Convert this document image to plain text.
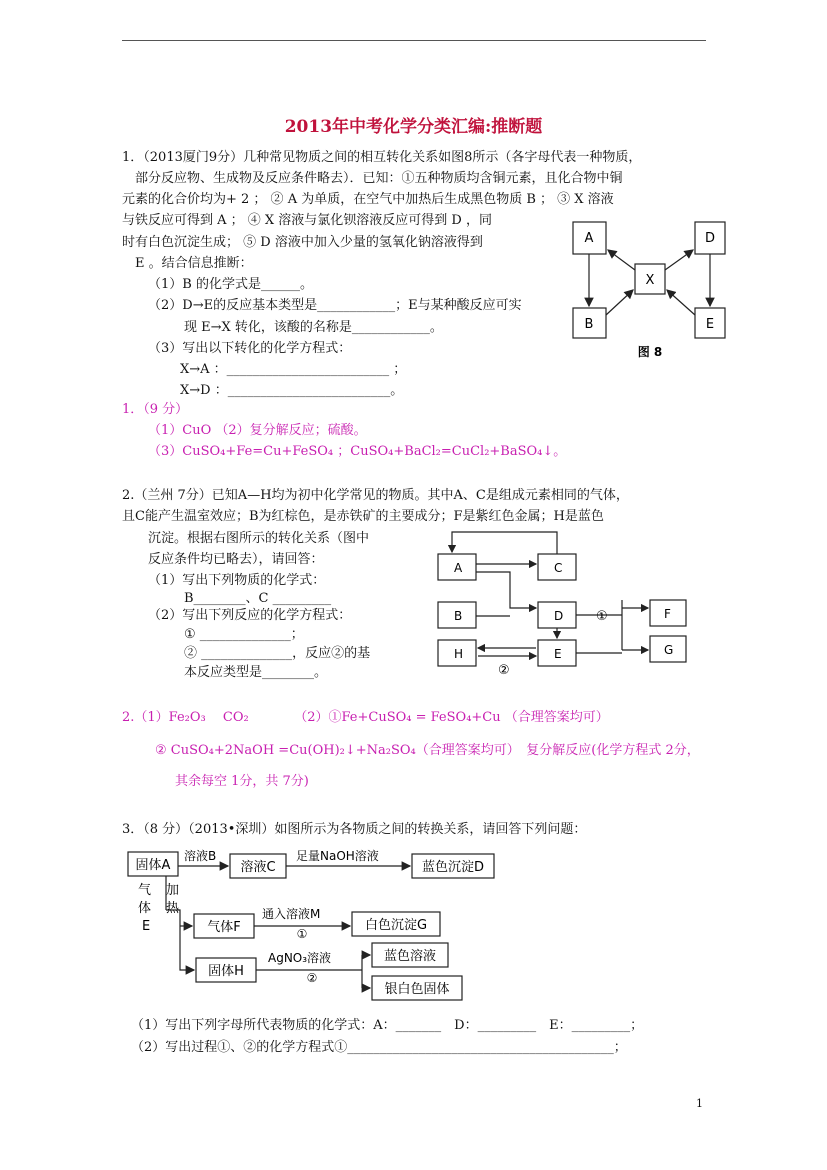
2013年中考化学分类汇编:推断题
1．（2013厦门9分）几种常见物质之间的相互转化关系如图8所示（各字母代表一种物质，
部分反应物、生成物及反应条件略去）．已知：①五种物质均含铜元素，且化合物中铜
元素的化合价均为+ 2 ； ② A 为单质，在空气中加热后生成黑色物质 B ； ③ X 溶液
与铁反应可得到 A ； ④ X 溶液与氯化钡溶液反应可得到 D ，同
时有白色沉淀生成； ⑤ D 溶液中加入少量的氢氧化钠溶液得到
E 。结合信息推断：
（1）B 的化学式是______。
（2）D→E的反应基本类型是____________；E与某种酸反应可实
现 E→X 转化，该酸的名称是____________。
（3）写出以下转化的化学方程式：
X→A ：_________________________ ；
X→D ：_________________________。
A	D
X
B	E
图 8
1．（9 分）
（1）CuO （2）复分解反应；硫酸。
（3）CuSO₄+Fe=Cu+FeSO₄ ；CuSO₄+BaCl₂=CuCl₂+BaSO₄↓。
2.（兰州 7分）已知A—H均为初中化学常见的物质。其中A、C是组成元素相同的气体，
且C能产生温室效应；B为红棕色，是赤铁矿的主要成分；F是紫红色金属；H是蓝色
沉淀。根据右图所示的转化关系（图中
反应条件均已略去），请回答：
（1）写出下列物质的化学式：
B________、C _________
（2）写出下列反应的化学方程式：
① ______________；
② ______________，反应②的基
本反应类型是________。
A	C
B	D	F
H	E	G
①
②
2.（1）Fe₂O₃　 CO₂　　　　（2）①Fe+CuSO₄ = FeSO₄+Cu （合理答案均可）
② CuSO₄+2NaOH =Cu(OH)₂↓+Na₂SO₄（合理答案均可）　复分解反应(化学方程式 2分，
其余每空 1分，共 7分)
3．（8 分）（2013•深圳）如图所示为各物质之间的转换关系，请回答下列问题：
固体A	溶液C	蓝色沉淀D
气体F	白色沉淀G
固体H
蓝色溶液
银白色固体
溶液B	足量NaOH溶液
通入溶液M
①
AgNO₃溶液
②
气
体
E
加
热
（1）写出下列字母所代表物质的化学式：A：_______　D：_________　E：_________；
（2）写出过程①、②的化学方程式①_________________________________________；
1
